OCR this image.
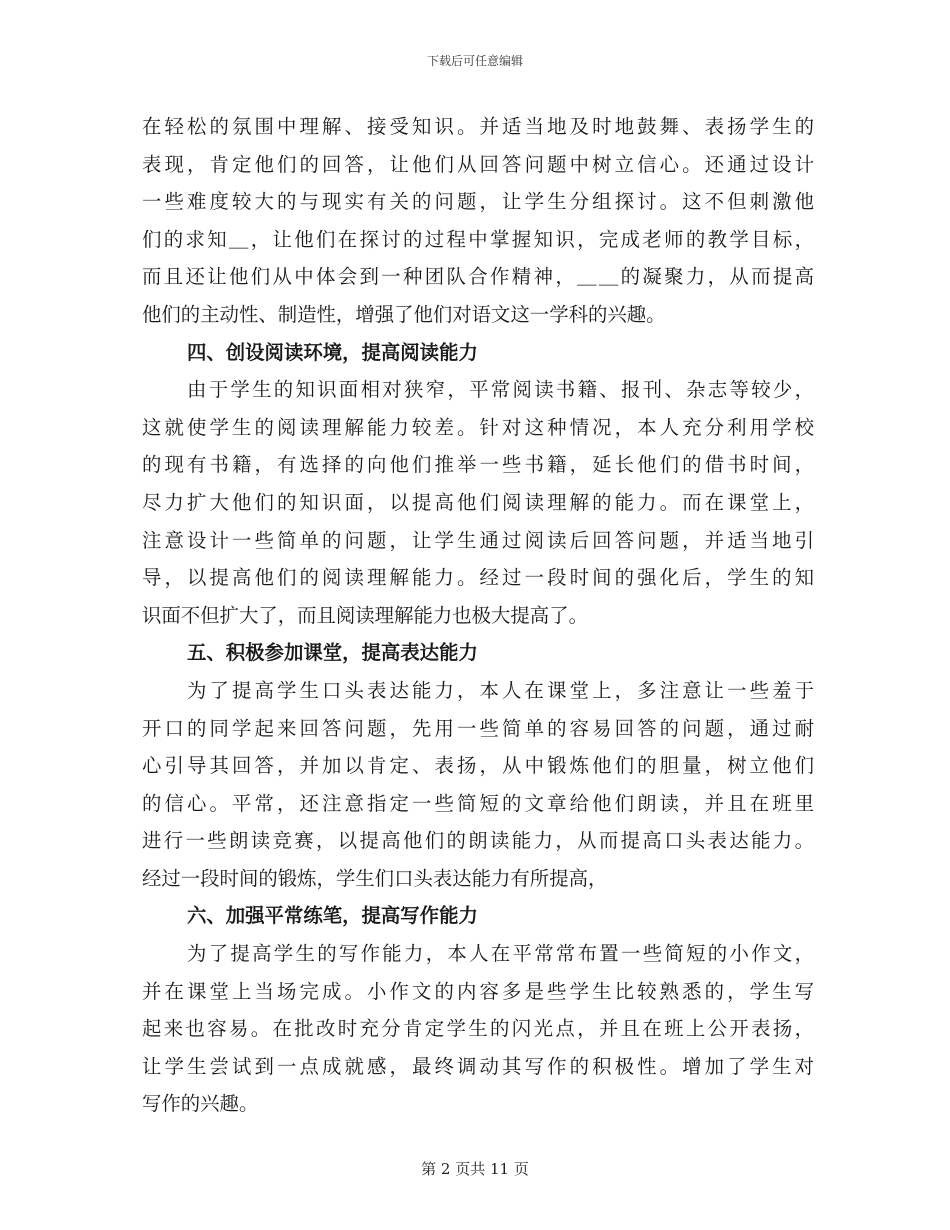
下载后可任意编辑
在轻松的氛围中理解、接受知识。并适当地及时地鼓舞、表扬学生的
表现，肯定他们的回答，让他们从回答问题中树立信心。还通过设计
一些难度较大的与现实有关的问题，让学生分组探讨。这不但刺激他
们的求知＿，让他们在探讨的过程中掌握知识，完成老师的教学目标，
而且还让他们从中体会到一种团队合作精神，＿＿的凝聚力，从而提高
他们的主动性、制造性，增强了他们对语文这一学科的兴趣。
四、创设阅读环境，提高阅读能力
由于学生的知识面相对狭窄，平常阅读书籍、报刊、杂志等较少，
这就使学生的阅读理解能力较差。针对这种情况，本人充分利用学校
的现有书籍，有选择的向他们推举一些书籍，延长他们的借书时间，
尽力扩大他们的知识面，以提高他们阅读理解的能力。而在课堂上，
注意设计一些简单的问题，让学生通过阅读后回答问题，并适当地引
导，以提高他们的阅读理解能力。经过一段时间的强化后，学生的知
识面不但扩大了，而且阅读理解能力也极大提高了。
五、积极参加课堂，提高表达能力
为了提高学生口头表达能力，本人在课堂上，多注意让一些羞于
开口的同学起来回答问题，先用一些简单的容易回答的问题，通过耐
心引导其回答，并加以肯定、表扬，从中锻炼他们的胆量，树立他们
的信心。平常，还注意指定一些简短的文章给他们朗读，并且在班里
进行一些朗读竞赛，以提高他们的朗读能力，从而提高口头表达能力。
经过一段时间的锻炼，学生们口头表达能力有所提高，
六、加强平常练笔，提高写作能力
为了提高学生的写作能力，本人在平常常布置一些简短的小作文，
并在课堂上当场完成。小作文的内容多是些学生比较熟悉的，学生写
起来也容易。在批改时充分肯定学生的闪光点，并且在班上公开表扬，
让学生尝试到一点成就感，最终调动其写作的积极性。增加了学生对
写作的兴趣。
第 2 页共 11 页
